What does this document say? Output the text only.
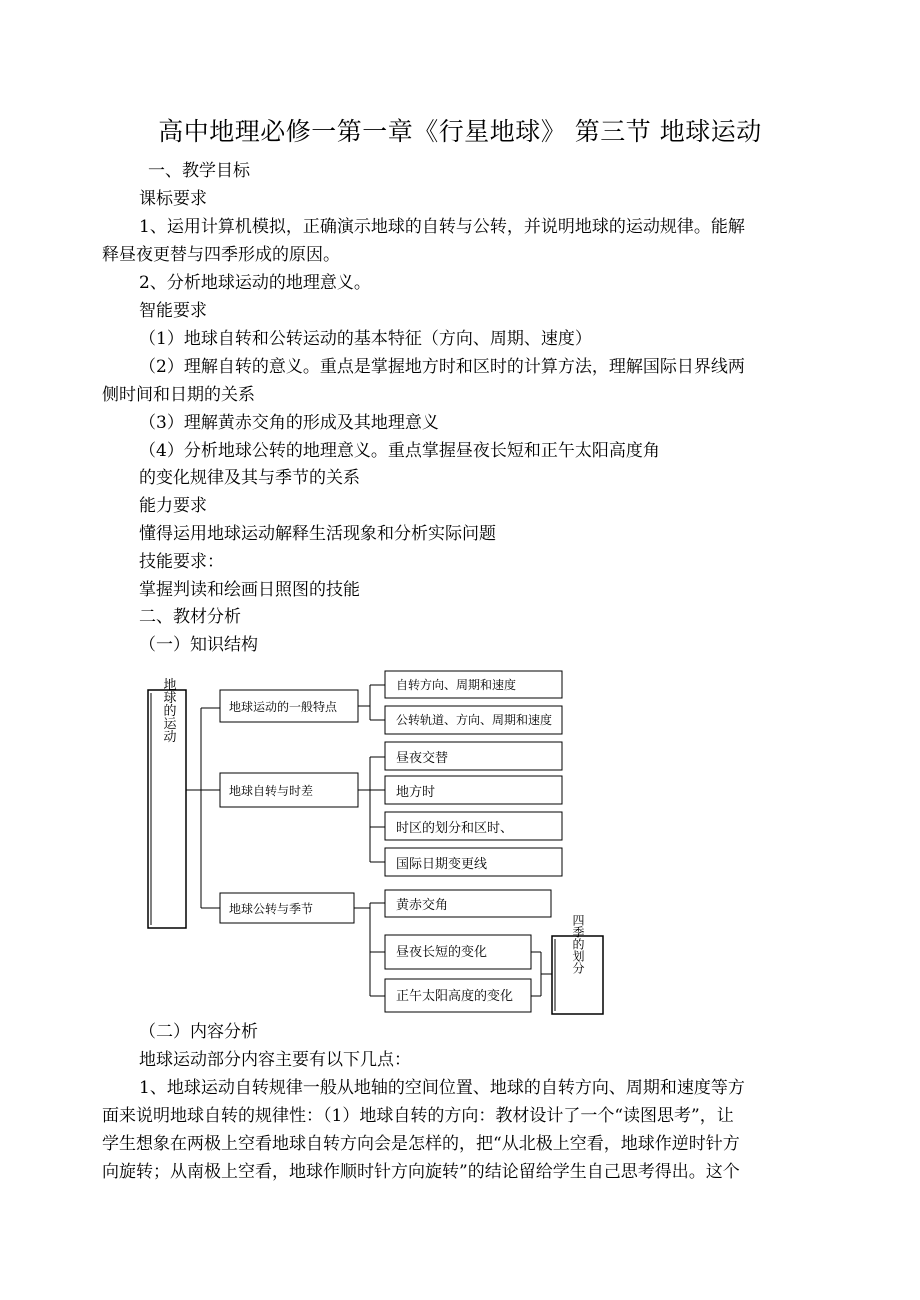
高中地理必修一第一章《行星地球》 第三节 地球运动
一、教学目标
课标要求
1、运用计算机模拟，正确演示地球的自转与公转，并说明地球的运动规律。能解
释昼夜更替与四季形成的原因。
2、分析地球运动的地理意义。
智能要求
（1）地球自转和公转运动的基本特征（方向、周期、速度）
（2）理解自转的意义。重点是掌握地方时和区时的计算方法，理解国际日界线两
侧时间和日期的关系
（3）理解黄赤交角的形成及其地理意义
（4）分析地球公转的地理意义。重点掌握昼夜长短和正午太阳高度角
的变化规律及其与季节的关系
能力要求
懂得运用地球运动解释生活现象和分析实际问题
技能要求：
掌握判读和绘画日照图的技能
二、教材分析
（一）知识结构
地球的运动	地球运动的一般特点
地球自转与时差
地球公转与季节
自转方向、周期和速度
公转轨道、方向、周期和速度
昼夜交替
地方时
时区的划分和区时、
国际日期变更线
黄赤交角
昼夜长短的变化
正午太阳高度的变化
四季的划分
（二）内容分析
地球运动部分内容主要有以下几点：
1、地球运动自转规律一般从地轴的空间位置、地球的自转方向、周期和速度等方
面来说明地球自转的规律性：（1）地球自转的方向：教材设计了一个“读图思考”，让
学生想象在两极上空看地球自转方向会是怎样的，把“从北极上空看，地球作逆时针方
向旋转；从南极上空看，地球作顺时针方向旋转”的结论留给学生自己思考得出。这个
